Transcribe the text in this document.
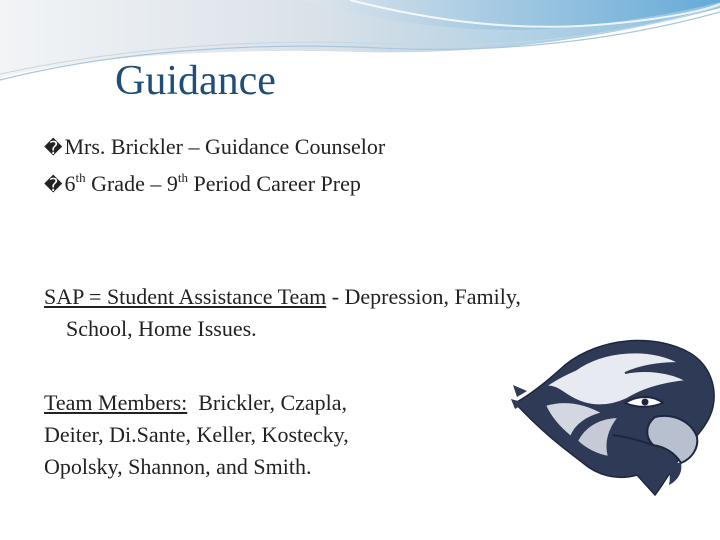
Guidance
�Mrs. Brickler – Guidance Counselor
�6th Grade – 9th Period Career Prep
SAP = Student Assistance Team - Depression, Family,
School, Home Issues.
Team Members:  Brickler, Czapla,
Deiter, Di.Sante, Keller, Kostecky,
Opolsky, Shannon, and Smith.
